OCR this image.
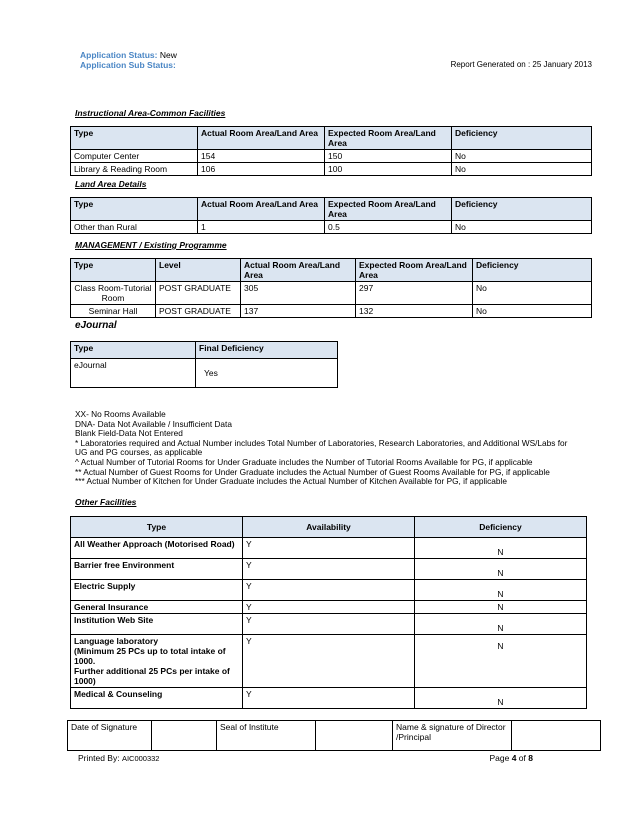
Application Status: New
Application Sub Status:	Report Generated on : 25 January 2013
Instructional Area-Common Facilities
Type	Actual Room Area/Land Area	Expected Room Area/Land Area	Deficiency
Computer Center	154	150	No
Library & Reading Room	106	100	No
Land Area Details
Type	Actual Room Area/Land Area	Expected Room Area/Land Area	Deficiency
Other than Rural	1	0.5	No
MANAGEMENT / Existing Programme
Type	Level	Actual Room Area/Land Area	Expected Room Area/Land Area	Deficiency
Class Room-Tutorial Room	POST GRADUATE	305	297	No
Seminar Hall	POST GRADUATE	137	132	No
eJournal
Type	Final Deficiency
eJournal	Yes
XX- No Rooms Available
DNA- Data Not Available / Insufficient Data
Blank Field-Data Not Entered
* Laboratories required and Actual Number includes Total Number of Laboratories, Research Laboratories, and Additional WS/Labs for
UG and PG courses, as applicable
^ Actual Number of Tutorial Rooms for Under Graduate includes the Number of Tutorial Rooms Available for PG, if applicable
** Actual Number of Guest Rooms for Under Graduate includes the Actual Number of Guest Rooms Available for PG, if applicable
*** Actual Number of Kitchen for Under Graduate includes the Actual Number of Kitchen Available for PG, if applicable
Other Facilities
Type	Availability	Deficiency
All Weather Approach (Motorised Road)	Y	N
Barrier free Environment	Y	N
Electric Supply	Y	N
General Insurance	Y	N
Institution Web Site	Y	N
Language laboratory
(Minimum 25 PCs up to total intake of 1000.
Further additional 25 PCs per intake of 1000)	Y	N
Medical & Counseling	Y	N
Date of Signature		Seal of Institute		Name & signature of Director /Principal	
Printed By: AIC000332	Page 4 of 8
